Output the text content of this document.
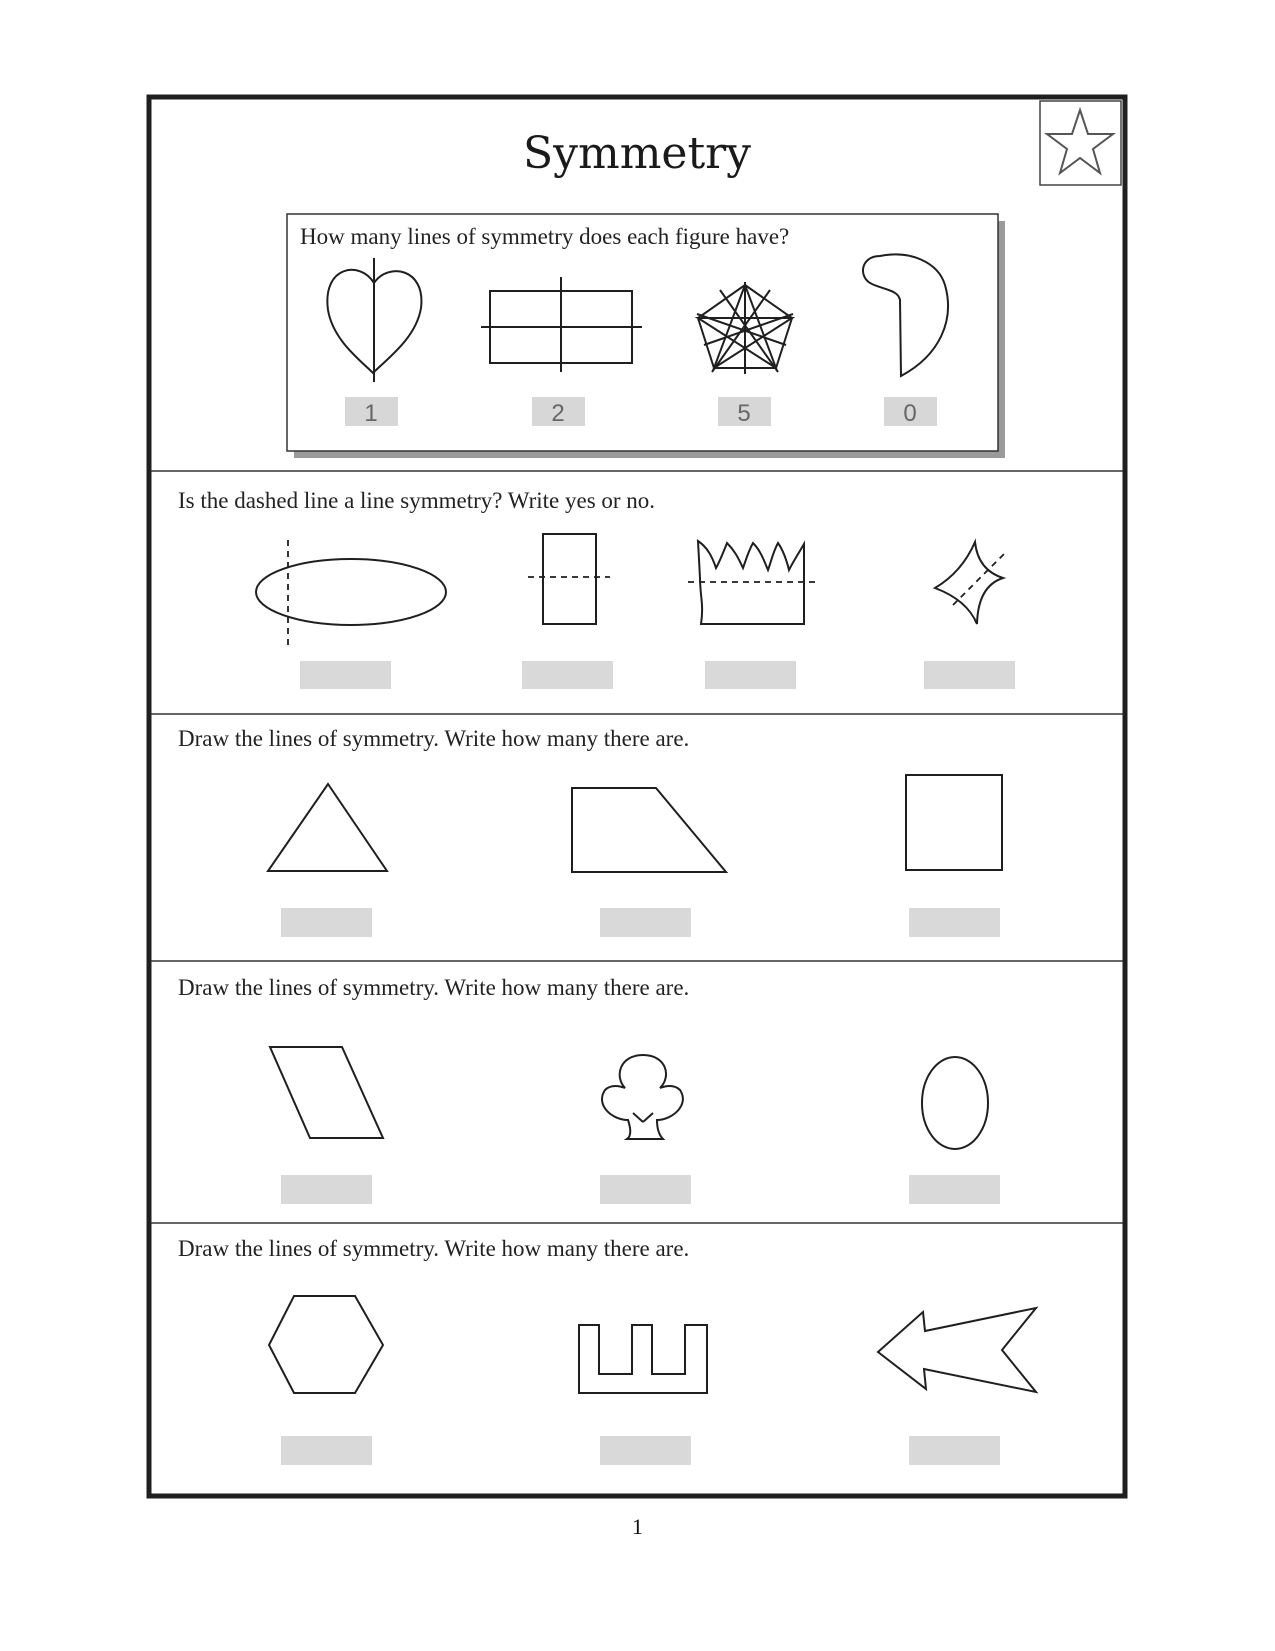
Symmetry
How many lines of symmetry does each figure have?
1	2	5	0
Is the dashed line a line symmetry? Write yes or no.
Draw the lines of symmetry. Write how many there are.
Draw the lines of symmetry. Write how many there are.
Draw the lines of symmetry. Write how many there are.
1
